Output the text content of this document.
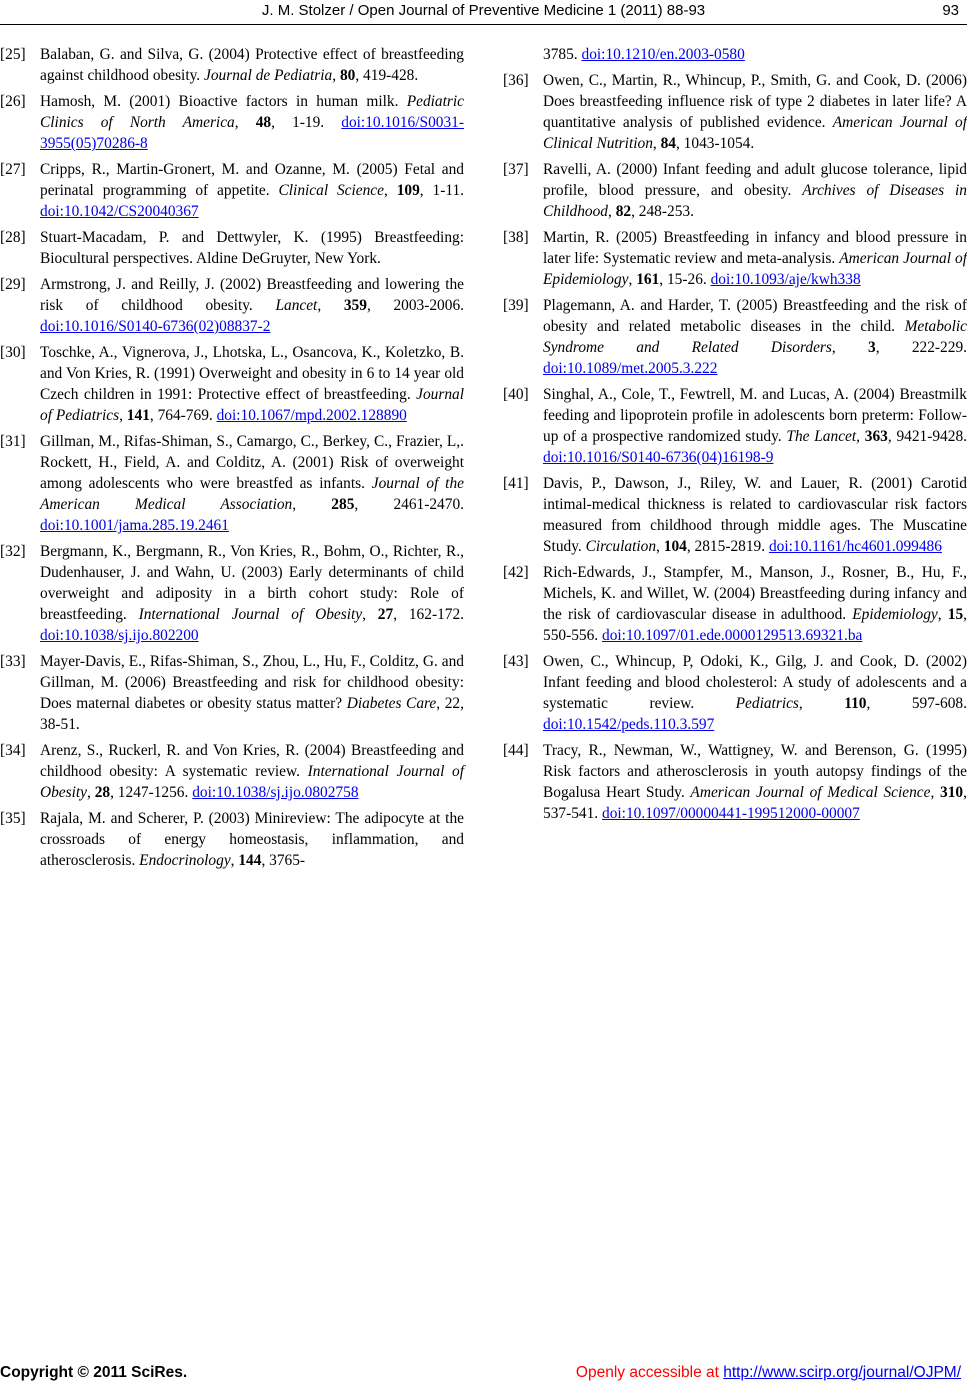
J. M. Stolzer / Open Journal of Preventive Medicine 1 (2011) 88-93	93
[25] Balaban, G. and Silva, G. (2004) Protective effect of breastfeeding against childhood obesity. Journal de Pediatria, 80, 419-428.
[26] Hamosh, M. (2001) Bioactive factors in human milk. Pediatric Clinics of North America, 48, 1-19. doi:10.1016/S0031-3955(05)70286-8
[27] Cripps, R., Martin-Gronert, M. and Ozanne, M. (2005) Fetal and perinatal programming of appetite. Clinical Science, 109, 1-11. doi:10.1042/CS20040367
[28] Stuart-Macadam, P. and Dettwyler, K. (1995) Breastfeeding: Biocultural perspectives. Aldine DeGruyter, New York.
[29] Armstrong, J. and Reilly, J. (2002) Breastfeeding and lowering the risk of childhood obesity. Lancet, 359, 2003-2006. doi:10.1016/S0140-6736(02)08837-2
[30] Toschke, A., Vignerova, J., Lhotska, L., Osancova, K., Koletzko, B. and Von Kries, R. (1991) Overweight and obesity in 6 to 14 year old Czech children in 1991: Protective effect of breastfeeding. Journal of Pediatrics, 141, 764-769. doi:10.1067/mpd.2002.128890
[31] Gillman, M., Rifas-Shiman, S., Camargo, C., Berkey, C., Frazier, L,. Rockett, H., Field, A. and Colditz, A. (2001) Risk of overweight among adolescents who were breastfed as infants. Journal of the American Medical Association, 285, 2461-2470. doi:10.1001/jama.285.19.2461
[32] Bergmann, K., Bergmann, R., Von Kries, R., Bohm, O., Richter, R., Dudenhauser, J. and Wahn, U. (2003) Early determinants of child overweight and adiposity in a birth cohort study: Role of breastfeeding. International Journal of Obesity, 27, 162-172. doi:10.1038/sj.ijo.802200
[33] Mayer-Davis, E., Rifas-Shiman, S., Zhou, L., Hu, F., Colditz, G. and Gillman, M. (2006) Breastfeeding and risk for childhood obesity: Does maternal diabetes or obesity status matter? Diabetes Care, 22, 38-51.
[34] Arenz, S., Ruckerl, R. and Von Kries, R. (2004) Breastfeeding and childhood obesity: A systematic review. International Journal of Obesity, 28, 1247-1256. doi:10.1038/sj.ijo.0802758
[35] Rajala, M. and Scherer, P. (2003) Minireview: The adipocyte at the crossroads of energy homeostasis, inflammation, and atherosclerosis. Endocrinology, 144, 3765-
3785. doi:10.1210/en.2003-0580
[36] Owen, C., Martin, R., Whincup, P., Smith, G. and Cook, D. (2006) Does breastfeeding influence risk of type 2 diabetes in later life? A quantitative analysis of published evidence. American Journal of Clinical Nutrition, 84, 1043-1054.
[37] Ravelli, A. (2000) Infant feeding and adult glucose tolerance, lipid profile, blood pressure, and obesity. Archives of Diseases in Childhood, 82, 248-253.
[38] Martin, R. (2005) Breastfeeding in infancy and blood pressure in later life: Systematic review and meta-analysis. American Journal of Epidemiology, 161, 15-26. doi:10.1093/aje/kwh338
[39] Plagemann, A. and Harder, T. (2005) Breastfeeding and the risk of obesity and related metabolic diseases in the child. Metabolic Syndrome and Related Disorders, 3, 222-229. doi:10.1089/met.2005.3.222
[40] Singhal, A., Cole, T., Fewtrell, M. and Lucas, A. (2004) Breastmilk feeding and lipoprotein profile in adolescents born preterm: Follow-up of a prospective randomized study. The Lancet, 363, 9421-9428. doi:10.1016/S0140-6736(04)16198-9
[41] Davis, P., Dawson, J., Riley, W. and Lauer, R. (2001) Carotid intimal-medical thickness is related to cardiovascular risk factors measured from childhood through middle ages. The Muscatine Study. Circulation, 104, 2815-2819. doi:10.1161/hc4601.099486
[42] Rich-Edwards, J., Stampfer, M., Manson, J., Rosner, B., Hu, F., Michels, K. and Willet, W. (2004) Breastfeeding during infancy and the risk of cardiovascular disease in adulthood. Epidemiology, 15, 550-556. doi:10.1097/01.ede.0000129513.69321.ba
[43] Owen, C., Whincup, P, Odoki, K., Gilg, J. and Cook, D. (2002) Infant feeding and blood cholesterol: A study of adolescents and a systematic review.	Pediatrics, 110, 597-608. doi:10.1542/peds.110.3.597
[44] Tracy, R., Newman, W., Wattigney, W. and Berenson, G. (1995) Risk factors and atherosclerosis in youth autopsy findings of the Bogalusa Heart Study. American Journal of Medical Science, 310, 537-541. doi:10.1097/00000441-199512000-00007
Copyright © 2011 SciRes.	Openly accessible at http://www.scirp.org/journal/OJPM/
